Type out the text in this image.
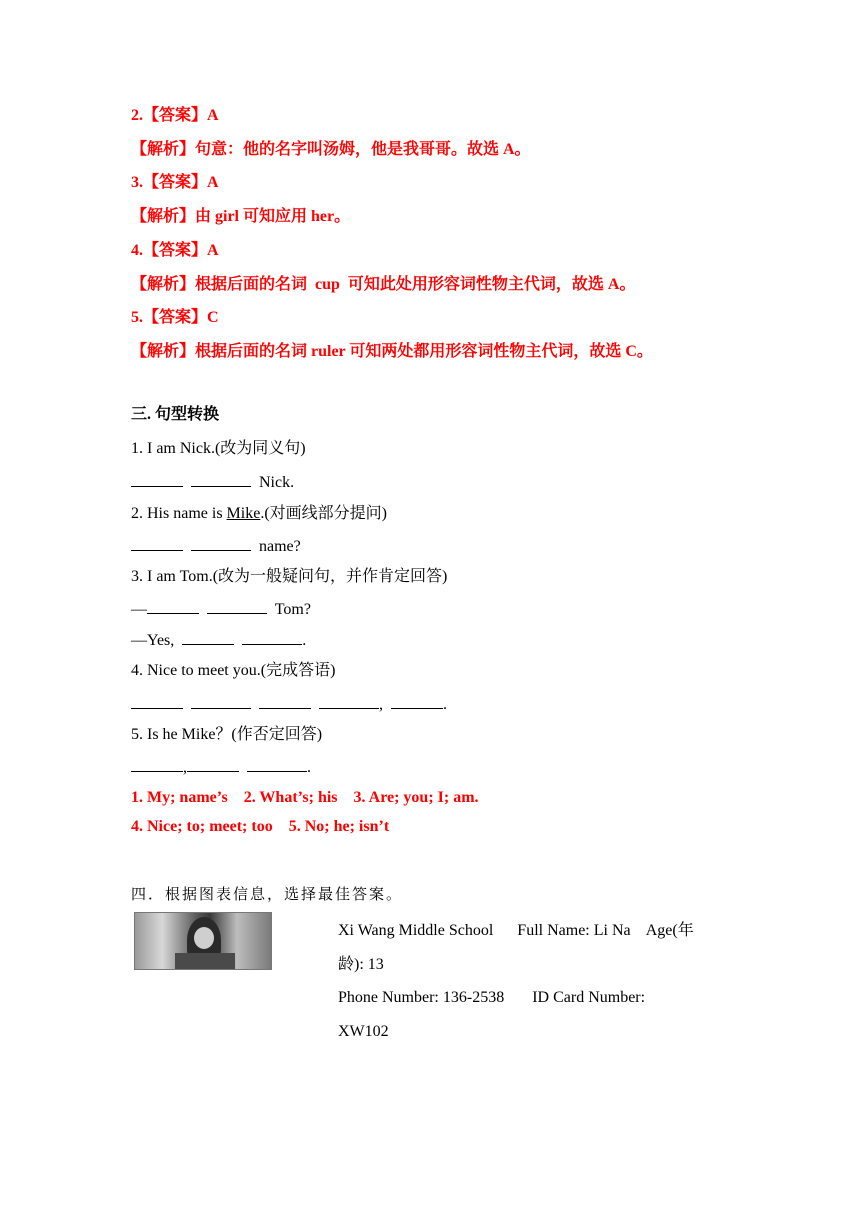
2.【答案】A
【解析】句意：他的名字叫汤姆，他是我哥哥。故选 A。
3.【答案】A
【解析】由 girl 可知应用 her。
4.【答案】A
【解析】根据后面的名词  cup  可知此处用形容词性物主代词，故选 A。
5.【答案】C
【解析】根据后面的名词 ruler 可知两处都用形容词性物主代词，故选 C。
三. 句型转换
1. I am Nick.(改为同义句)
Nick.
2. His name is Mike.(对画线部分提问)
name?
3. I am Tom.(改为一般疑问句，并作肯定回答)
—	Tom?
—Yes,	.
4. Nice to meet you.(完成答语)
,	.
5. Is he Mike？(作否定回答)
,	.
1. My; name’s    2. What’s; his    3. Are; you; I; am.
4. Nice; to; meet; too    5. No; he; isn’t
四．根据图表信息，选择最佳答案。
Xi Wang Middle School      Full Name: Li Na    Age(年
龄): 13
Phone Number: 136-2538       ID Card Number:
XW102
